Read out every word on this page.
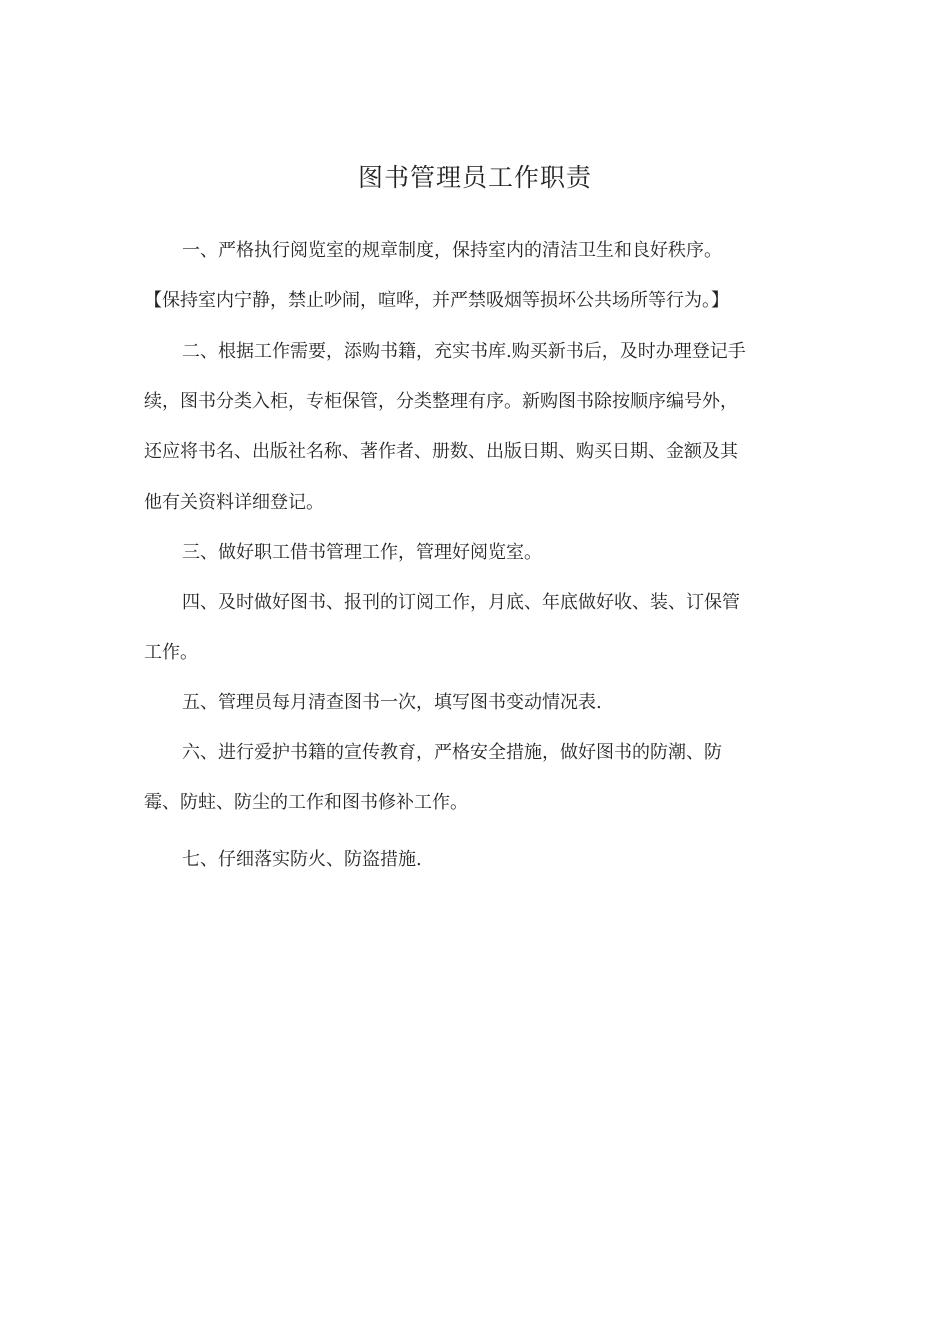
图书管理员工作职责
一、严格执行阅览室的规章制度，保持室内的清洁卫生和良好秩序。
【保持室内宁静，禁止吵闹，喧哗，并严禁吸烟等损坏公共场所等行为。】
二、根据工作需要，添购书籍，充实书库.购买新书后，及时办理登记手
续，图书分类入柜，专柜保管，分类整理有序。新购图书除按顺序编号外，
还应将书名、出版社名称、著作者、册数、出版日期、购买日期、金额及其
他有关资料详细登记。
三、做好职工借书管理工作，管理好阅览室。
四、及时做好图书、报刊的订阅工作，月底、年底做好收、装、订保管
工作。
五、管理员每月清查图书一次，填写图书变动情况表.
六、进行爱护书籍的宣传教育，严格安全措施，做好图书的防潮、防
霉、防蛀、防尘的工作和图书修补工作。
七、仔细落实防火、防盗措施.
